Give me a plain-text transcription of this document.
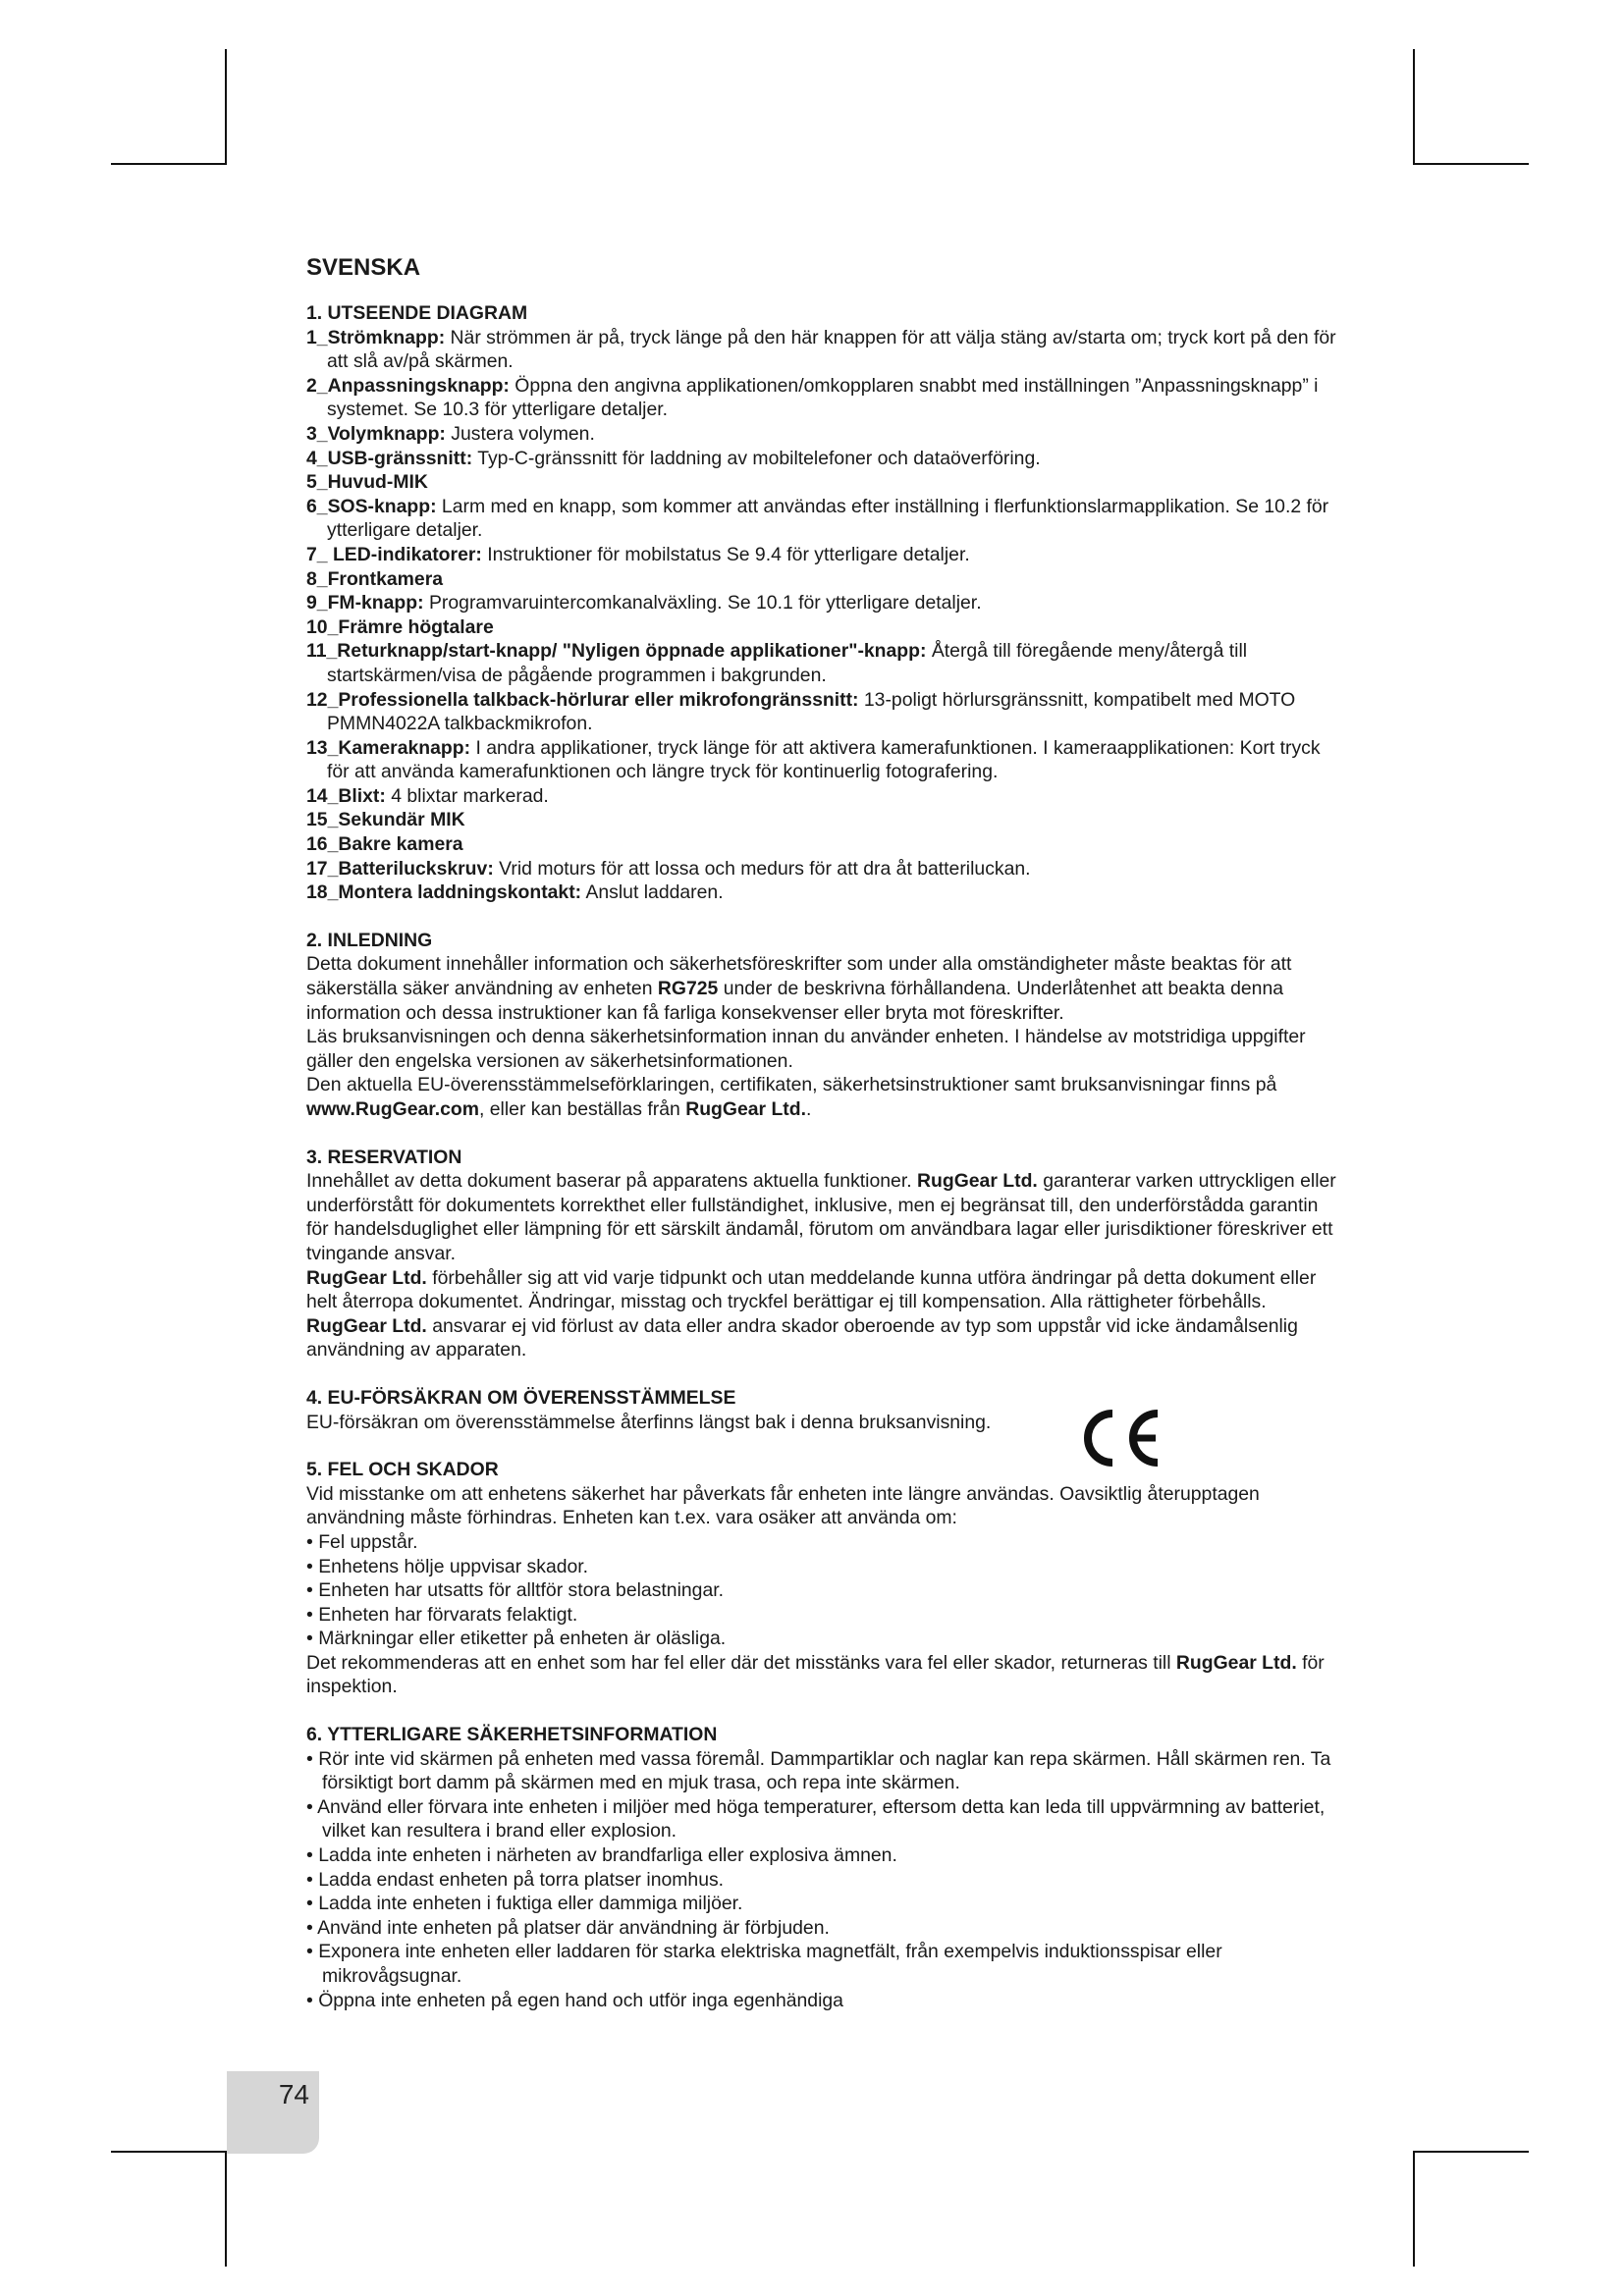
SVENSKA

1. UTSEENDE DIAGRAM

1_Strömknapp: När strömmen är på, tryck länge på den här knappen för att välja stäng av/starta om; tryck kort på den för att slå av/på skärmen.

2_Anpassningsknapp: Öppna den angivna applikationen/omkopplaren snabbt med inställningen ”Anpassningsknapp” i systemet. Se 10.3 för ytterligare detaljer.

3_Volymknapp: Justera volymen.

4_USB-gränssnitt: Typ-C-gränssnitt för laddning av mobiltelefoner och dataöverföring.

5_Huvud-MIK

6_SOS-knapp: Larm med en knapp, som kommer att användas efter inställning i flerfunktionslarmapplikation. Se 10.2 för ytterligare detaljer.

7_ LED-indikatorer: Instruktioner för mobilstatus Se 9.4 för ytterligare detaljer.

8_Frontkamera

9_FM-knapp: Programvaruintercomkanalväxling. Se 10.1 för ytterligare detaljer.

10_Främre högtalare

11_Returknapp/start-knapp/ "Nyligen öppnade applikationer"-knapp: Återgå till föregående meny/återgå till startskärmen/visa de pågående programmen i bakgrunden.

12_Professionella talkback-hörlurar eller mikrofongränssnitt: 13-poligt hörlursgränssnitt, kompatibelt med MOTO PMMN4022A talkbackmikrofon.

13_Kameraknapp: I andra applikationer, tryck länge för att aktivera kamerafunktionen. I kameraapplikationen: Kort tryck för att använda kamerafunktionen och längre tryck för kontinuerlig fotografering.

14_Blixt: 4 blixtar markerad.

15_Sekundär MIK

16_Bakre kamera

17_Batteriluckskruv: Vrid moturs för att lossa och medurs för att dra åt batteriluckan.

18_Montera laddningskontakt: Anslut laddaren.

2. INLEDNING

Detta dokument innehåller information och säkerhetsföreskrifter som under alla omständigheter måste beaktas för att säkerställa säker användning av enheten RG725 under de beskrivna förhållandena. Underlåtenhet att beakta denna information och dessa instruktioner kan få farliga konsekvenser eller bryta mot föreskrifter.

Läs bruksanvisningen och denna säkerhetsinformation innan du använder enheten. I händelse av motstridiga uppgifter gäller den engelska versionen av säkerhetsinformationen.

Den aktuella EU-överensstämmelseförklaringen, certifikaten, säkerhetsinstruktioner samt bruksanvisningar finns på www.RugGear.com, eller kan beställas från RugGear Ltd..

3. RESERVATION

Innehållet av detta dokument baserar på apparatens aktuella funktioner. RugGear Ltd. garanterar varken uttryckligen eller underförstått för dokumentets korrekthet eller fullständighet, inklusive, men ej begränsat till, den underförstådda garantin för handelsduglighet eller lämpning för ett särskilt ändamål, förutom om användbara lagar eller jurisdiktioner föreskriver ett tvingande ansvar.

RugGear Ltd. förbehåller sig att vid varje tidpunkt och utan meddelande kunna utföra ändringar på detta dokument eller helt återropa dokumentet. Ändringar, misstag och tryckfel berättigar ej till kompensation. Alla rättigheter förbehålls.

RugGear Ltd. ansvarar ej vid förlust av data eller andra skador oberoende av typ som uppstår vid icke ändamålsenlig användning av apparaten.

4. EU-FÖRSÄKRAN OM ÖVERENSSTÄMMELSE

EU-försäkran om överensstämmelse återfinns längst bak i denna bruksanvisning.

5. FEL OCH SKADOR

Vid misstanke om att enhetens säkerhet har påverkats får enheten inte längre användas. Oavsiktlig återupptagen användning måste förhindras. Enheten kan t.ex. vara osäker att använda om:

• Fel uppstår.

• Enhetens hölje uppvisar skador.

• Enheten har utsatts för alltför stora belastningar.

• Enheten har förvarats felaktigt.

• Märkningar eller etiketter på enheten är oläsliga.

Det rekommenderas att en enhet som har fel eller där det misstänks vara fel eller skador, returneras till RugGear Ltd. för inspektion.

6. YTTERLIGARE SÄKERHETSINFORMATION

• Rör inte vid skärmen på enheten med vassa föremål. Dammpartiklar och naglar kan repa skärmen. Håll skärmen ren. Ta försiktigt bort damm på skärmen med en mjuk trasa, och repa inte skärmen.

• Använd eller förvara inte enheten i miljöer med höga temperaturer, eftersom detta kan leda till uppvärmning av batteriet, vilket kan resultera i brand eller explosion.

• Ladda inte enheten i närheten av brandfarliga eller explosiva ämnen.

• Ladda endast enheten på torra platser inomhus.

• Ladda inte enheten i fuktiga eller dammiga miljöer.

• Använd inte enheten på platser där användning är förbjuden.

• Exponera inte enheten eller laddaren för starka elektriska magnetfält, från exempelvis induktionsspisar eller mikrovågsugnar.

• Öppna inte enheten på egen hand och utför inga egenhändiga

74
